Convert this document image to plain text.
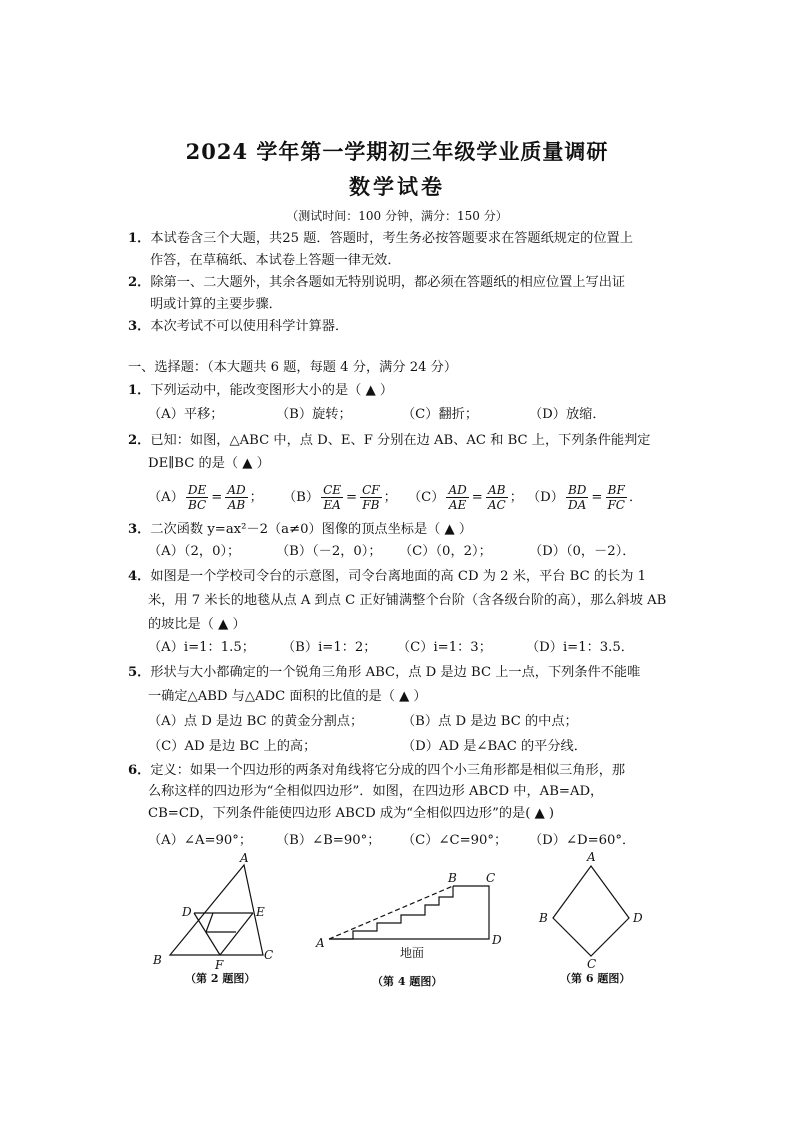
2024 学年第一学期初三年级学业质量调研
数学试卷
（测试时间：100 分钟，满分：150 分）
1．本试卷含三个大题，共25 题．答题时，考生务必按答题要求在答题纸规定的位置上
作答，在草稿纸、本试卷上答题一律无效．
2．除第一、二大题外，其余各题如无特别说明，都必须在答题纸的相应位置上写出证
明或计算的主要步骤．
3．本次考试不可以使用科学计算器．
一、选择题：（本大题共 6 题，每题 4 分，满分 24 分）
1．下列运动中，能改变图形大小的是（ ▲ ）
（A）平移；	（B）旋转；	（C）翻折；	（D）放缩．
2．已知：如图，△ABC 中，点 D、E、F 分别在边 AB、AC 和 BC 上，下列条件能判定
DE∥BC 的是（ ▲ ）
$(A) \frac{DE}{BC} = \frac{AD}{AB}$ ； $(B) \frac{CE}{EA} = \frac{CF}{FB}$ ； $(C) \frac{AD}{AE} = \frac{AB}{AC}$ ； $(D) \frac{BD}{DA} = \frac{BF}{FC}$ ．
3．二次函数 y=ax²－2（a≠0）图像的顶点坐标是（ ▲ ）
（A）（2，0）；	（B）（－2，0）； （C）（0，2）；	（D）（0，－2）．
4．如图是一个学校司令台的示意图，司令台离地面的高 CD 为 2 米，平台 BC 的长为 1
米，用 7 米长的地毯从点 A 到点 C 正好铺满整个台阶（含各级台阶的高），那么斜坡 AB
的坡比是（ ▲ ）
（A）i=1：1.5； （B）i=1：2； （C）i=1：3；	（D）i=1：3.5．
5．形状与大小都确定的一个锐角三角形 ABC，点 D 是边 BC 上一点，下列条件不能唯
一确定△ABD 与△ADC 面积的比值的是（ ▲ ）
（A）点 D 是边 BC 的黄金分割点；	（B）点 D 是边 BC 的中点；
（C）AD 是边 BC 上的高；	（D）AD 是∠BAC 的平分线．
6．定义：如果一个四边形的两条对角线将它分成的四个小三角形都是相似三角形，那
么称这样的四边形为“全相似四边形”．如图，在四边形 ABCD 中，AB=AD，
CB=CD，下列条件能使四边形 ABCD 成为“全相似四边形”的是( ▲ )
（A）∠A=90°； （B）∠B=90°； （C）∠C=90°； （D）∠D=60°．
A
D	E
B	F
C
（第 2 题图）
B C
A	D
地面
（第 4 题图）
A
B	D
C
（第 6 题图）
